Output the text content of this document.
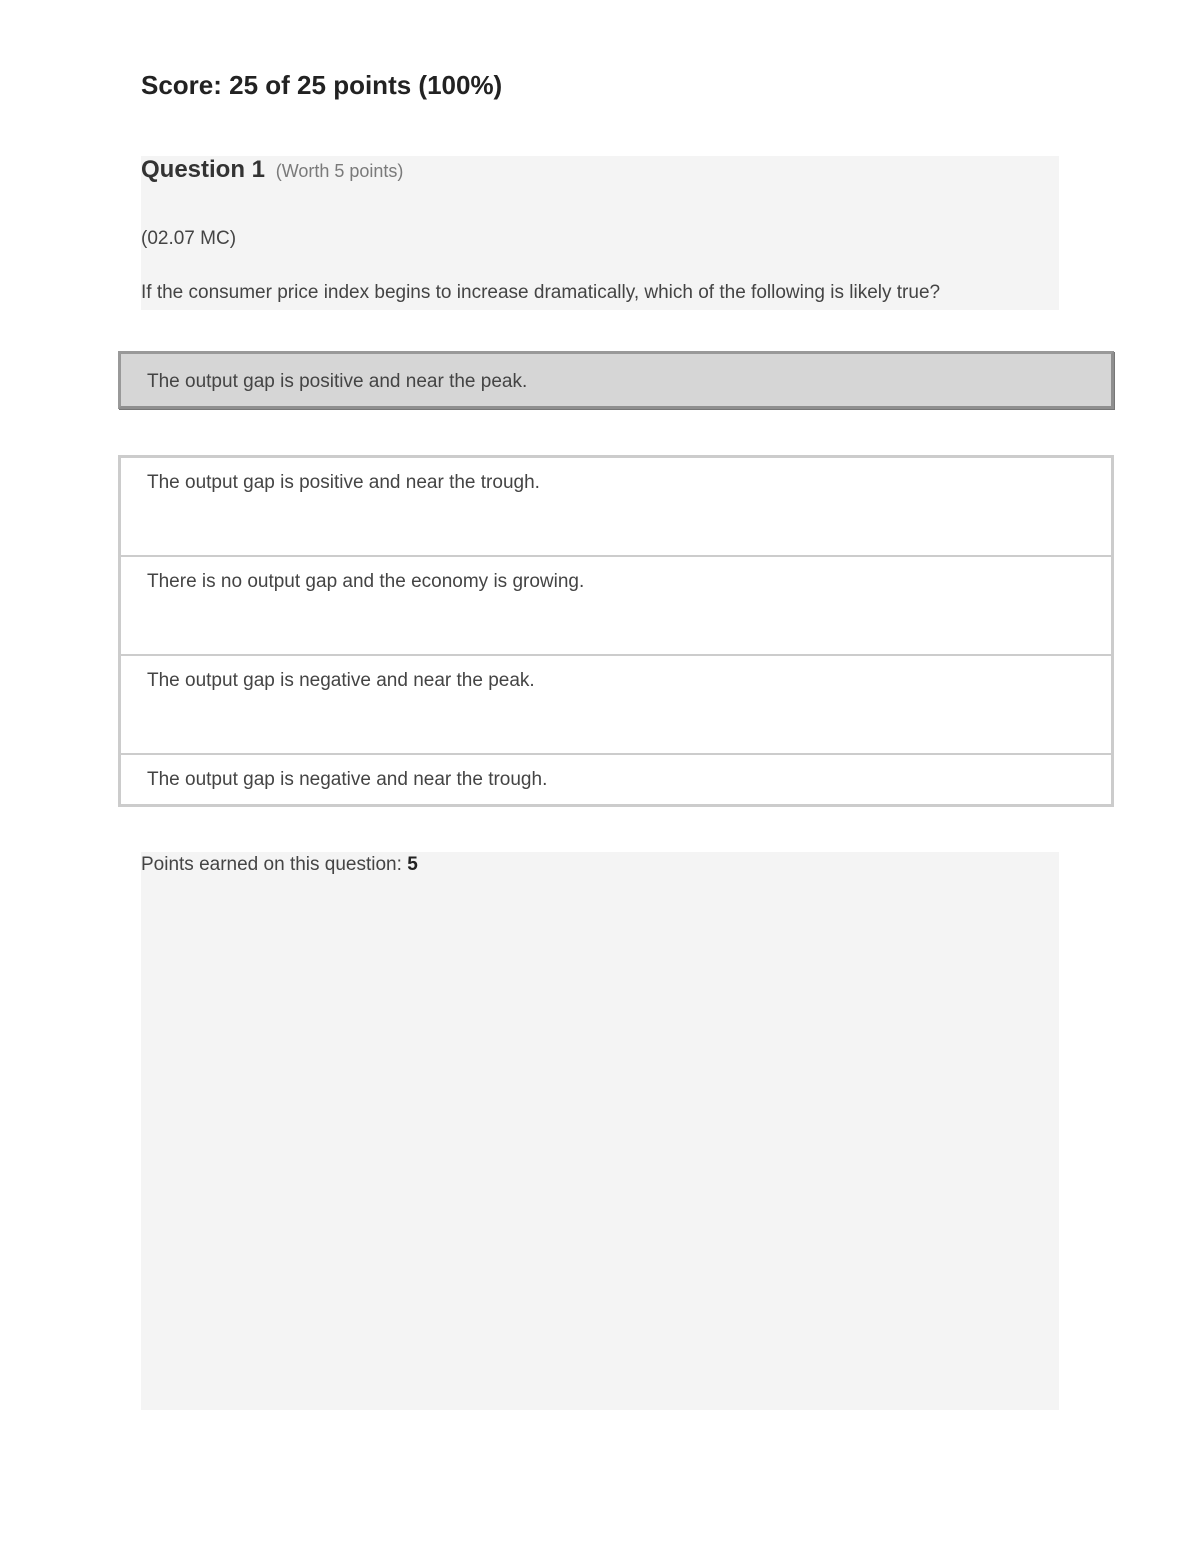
Score: 25 of 25 points (100%)
Question 1 (Worth 5 points)
(02.07 MC)
If the consumer price index begins to increase dramatically, which of the following is likely true?
The output gap is positive and near the peak.
The output gap is positive and near the trough.
There is no output gap and the economy is growing.
The output gap is negative and near the peak.
The output gap is negative and near the trough.
Points earned on this question: 5
